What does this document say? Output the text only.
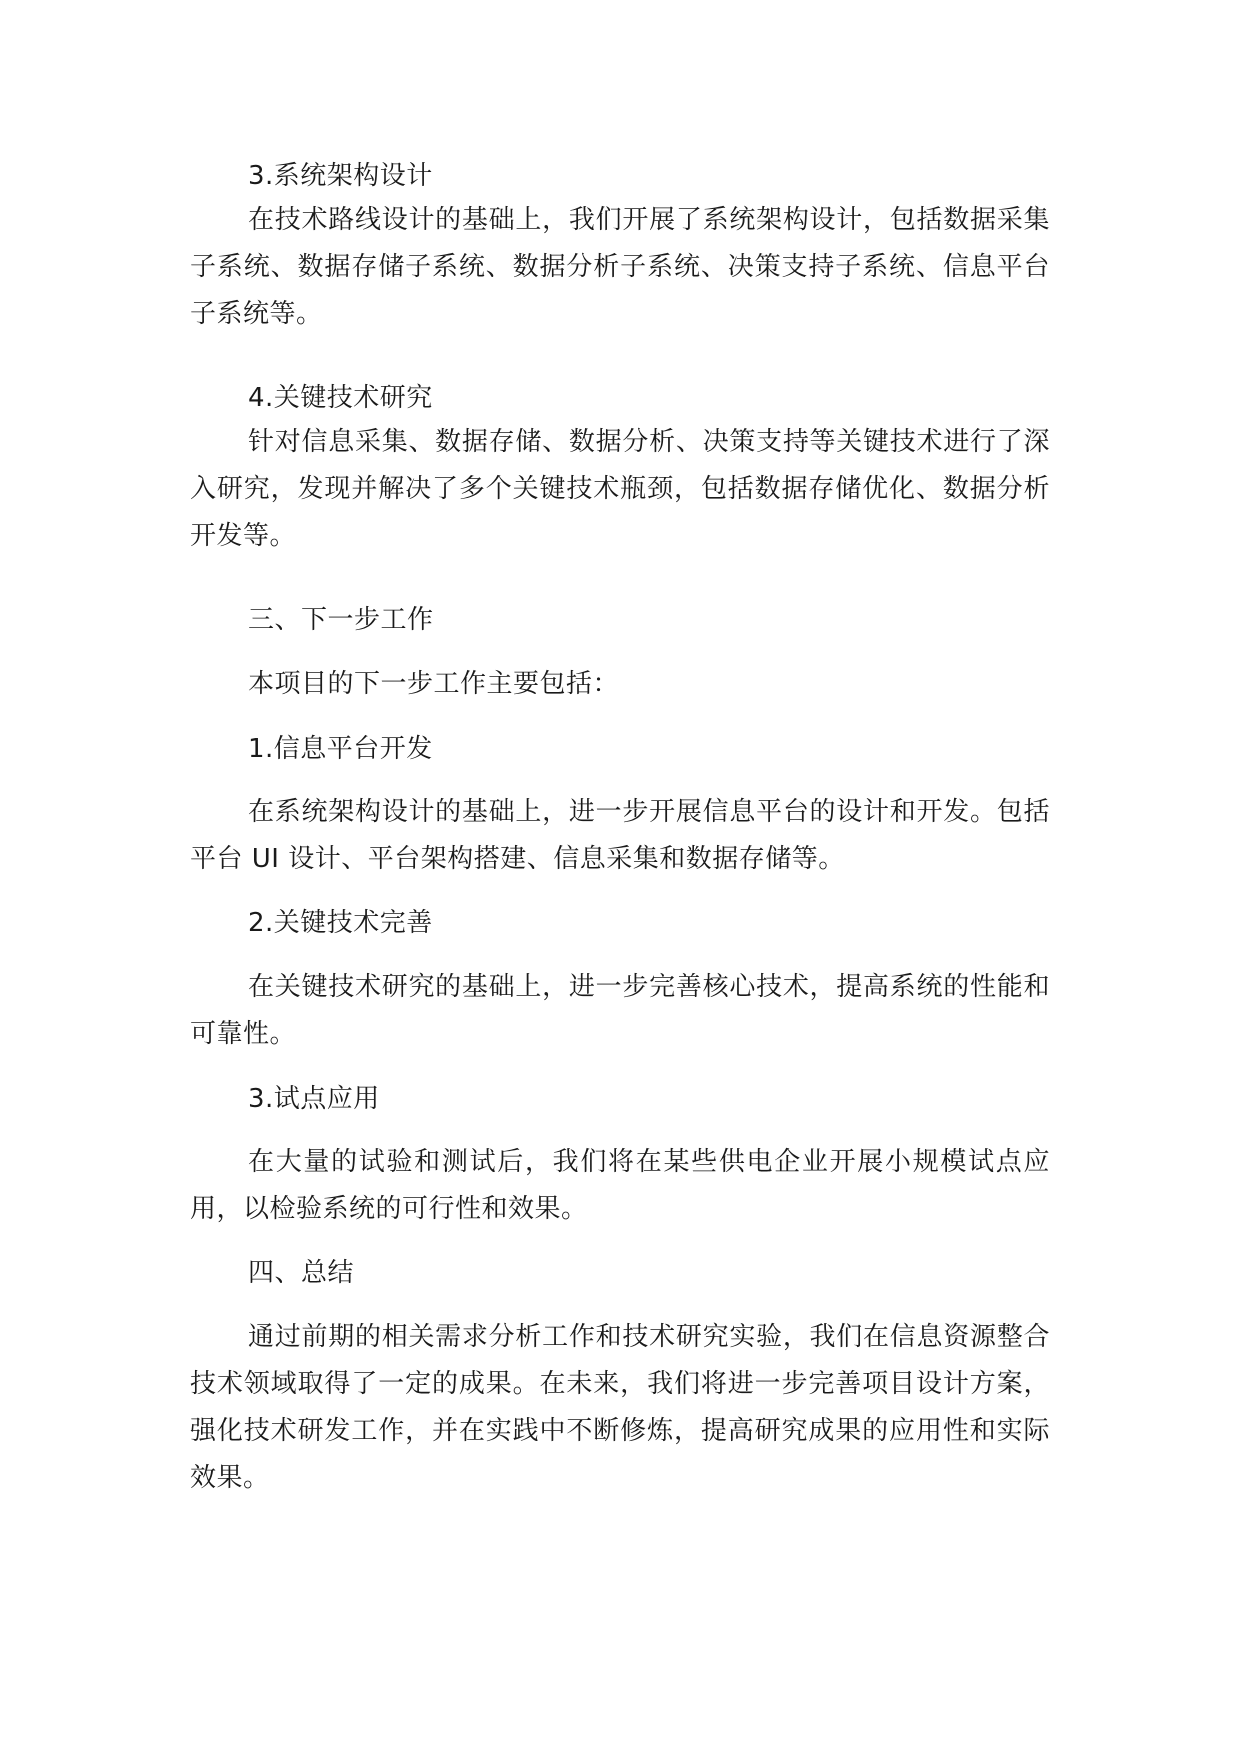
3.系统架构设计

在技术路线设计的基础上，我们开展了系统架构设计，包括数据采集子系统、数据存储子系统、数据分析子系统、决策支持子系统、信息平台子系统等。

4.关键技术研究

针对信息采集、数据存储、数据分析、决策支持等关键技术进行了深入研究，发现并解决了多个关键技术瓶颈，包括数据存储优化、数据分析开发等。

三、下一步工作

本项目的下一步工作主要包括：

1.信息平台开发

在系统架构设计的基础上，进一步开展信息平台的设计和开发。包括平台 UI 设计、平台架构搭建、信息采集和数据存储等。

2.关键技术完善

在关键技术研究的基础上，进一步完善核心技术，提高系统的性能和可靠性。

3.试点应用

在大量的试验和测试后，我们将在某些供电企业开展小规模试点应用，以检验系统的可行性和效果。

四、总结

通过前期的相关需求分析工作和技术研究实验，我们在信息资源整合技术领域取得了一定的成果。在未来，我们将进一步完善项目设计方案，强化技术研发工作，并在实践中不断修炼，提高研究成果的应用性和实际效果。
